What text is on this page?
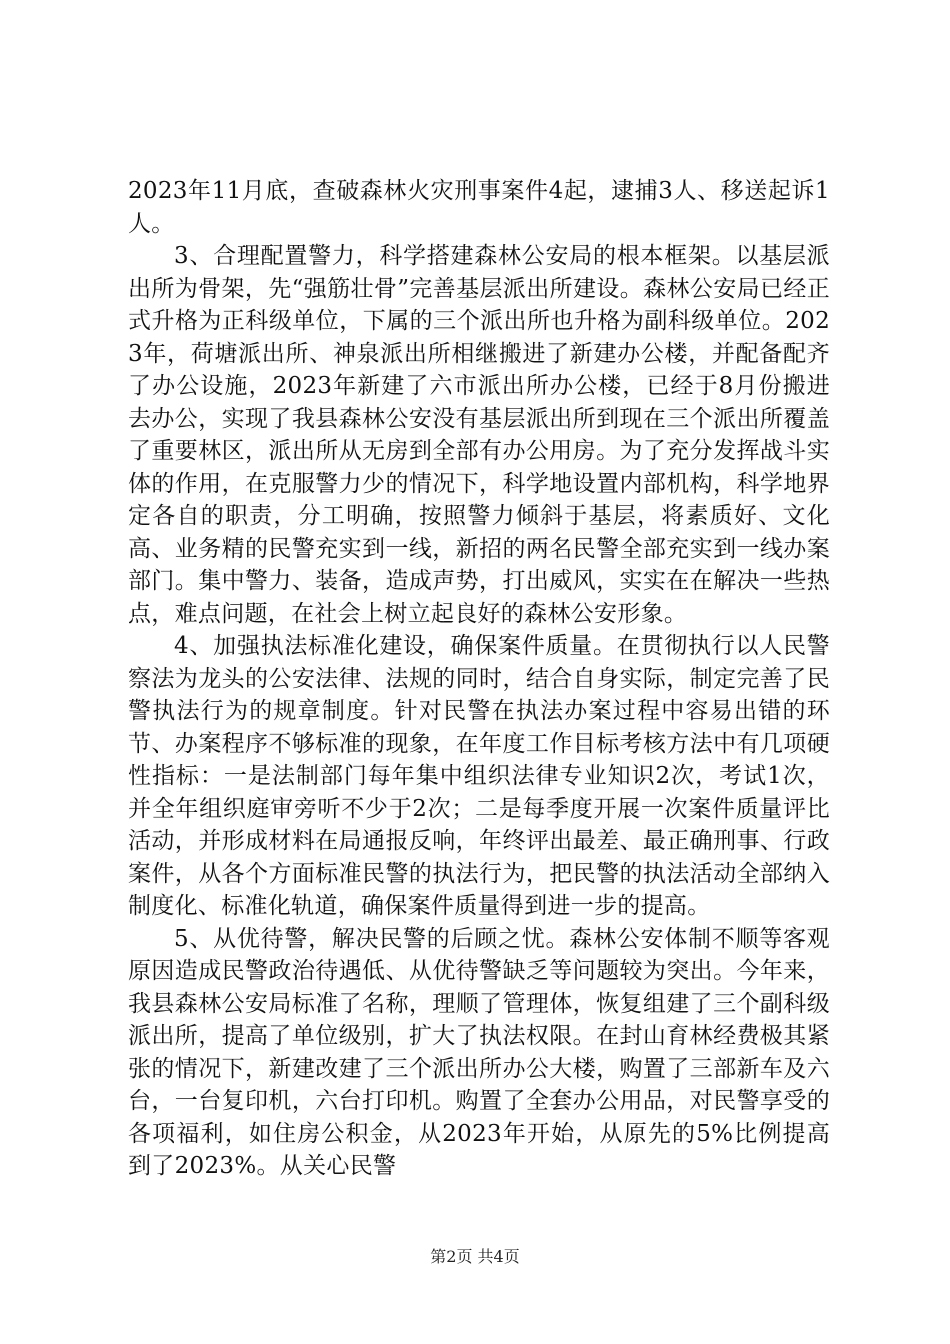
2023年11月底，查破森林火灾刑事案件4起，逮捕3人、移送起诉1人。

3、合理配置警力，科学搭建森林公安局的根本框架。以基层派出所为骨架，先“强筋壮骨”完善基层派出所建设。森林公安局已经正式升格为正科级单位，下属的三个派出所也升格为副科级单位。2023年，荷塘派出所、神泉派出所相继搬进了新建办公楼，并配备配齐了办公设施，2023年新建了六市派出所办公楼，已经于8月份搬进去办公，实现了我县森林公安没有基层派出所到现在三个派出所覆盖了重要林区，派出所从无房到全部有办公用房。为了充分发挥战斗实体的作用，在克服警力少的情况下，科学地设置内部机构，科学地界定各自的职责，分工明确，按照警力倾斜于基层，将素质好、文化高、业务精的民警充实到一线，新招的两名民警全部充实到一线办案部门。集中警力、装备，造成声势，打出威风，实实在在解决一些热点，难点问题，在社会上树立起良好的森林公安形象。

4、加强执法标准化建设，确保案件质量。在贯彻执行以人民警察法为龙头的公安法律、法规的同时，结合自身实际，制定完善了民警执法行为的规章制度。针对民警在执法办案过程中容易出错的环节、办案程序不够标准的现象，在年度工作目标考核方法中有几项硬性指标：一是法制部门每年集中组织法律专业知识2次，考试1次，并全年组织庭审旁听不少于2次；二是每季度开展一次案件质量评比活动，并形成材料在局通报反响，年终评出最差、最正确刑事、行政案件，从各个方面标准民警的执法行为，把民警的执法活动全部纳入制度化、标准化轨道，确保案件质量得到进一步的提高。

5、从优待警，解决民警的后顾之忧。森林公安体制不顺等客观原因造成民警政治待遇低、从优待警缺乏等问题较为突出。今年来，我县森林公安局标准了名称，理顺了管理体，恢复组建了三个副科级派出所，提高了单位级别，扩大了执法权限。在封山育林经费极其紧张的情况下，新建改建了三个派出所办公大楼，购置了三部新车及六台，一台复印机，六台打印机。购置了全套办公用品，对民警享受的各项福利，如住房公积金，从2023年开始，从原先的5%比例提高到了2023%。从关心民警

第2页 共4页
